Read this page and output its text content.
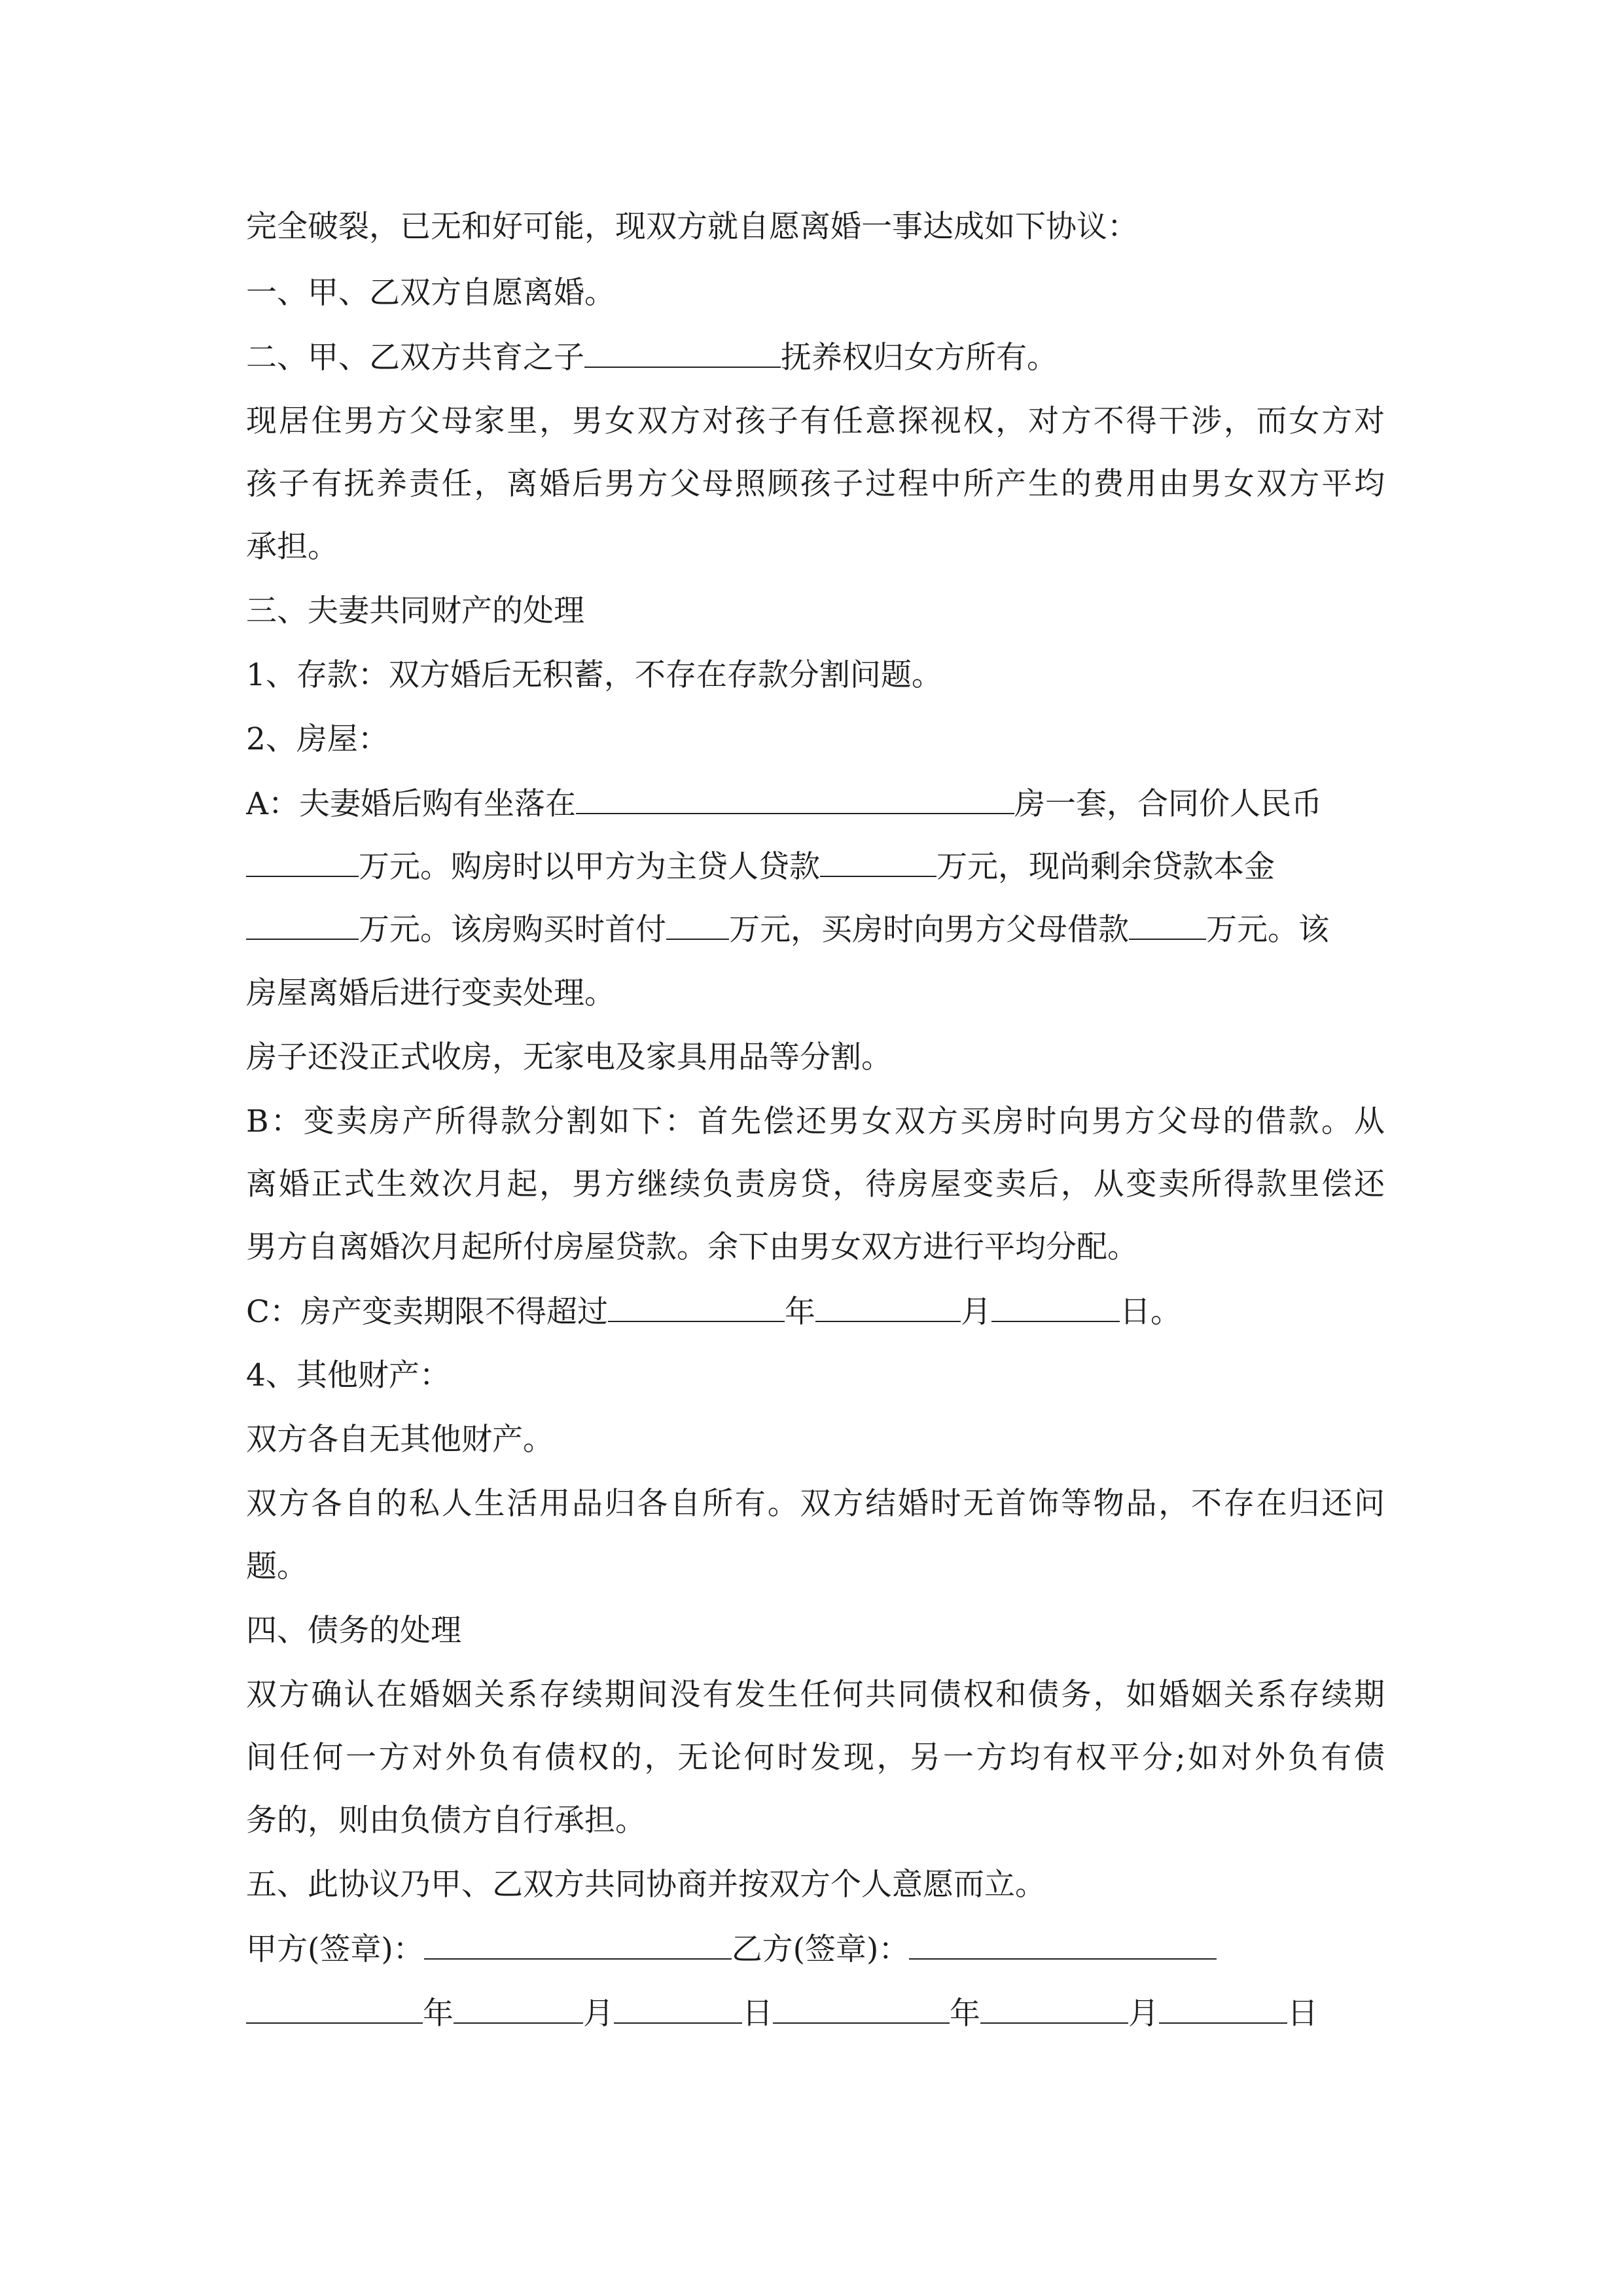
完全破裂，已无和好可能，现双方就自愿离婚一事达成如下协议：
一、甲、乙双方自愿离婚。
二、甲、乙双方共育之子	抚养权归女方所有。
现居住男方父母家里，男女双方对孩子有任意探视权，对方不得干涉，而女方对
孩子有抚养责任，离婚后男方父母照顾孩子过程中所产生的费用由男女双方平均
承担。
三、夫妻共同财产的处理
1、存款：双方婚后无积蓄，不存在存款分割问题。
2、房屋：
A：夫妻婚后购有坐落在	房一套，合同价人民币
万元。购房时以甲方为主贷人贷款	万元，现尚剩余贷款本金
万元。该房购买时首付 万元，买房时向男方父母借款	万元。该
房屋离婚后进行变卖处理。
房子还没正式收房，无家电及家具用品等分割。
B：变卖房产所得款分割如下：首先偿还男女双方买房时向男方父母的借款。从
离婚正式生效次月起，男方继续负责房贷，待房屋变卖后，从变卖所得款里偿还
男方自离婚次月起所付房屋贷款。余下由男女双方进行平均分配。
C：房产变卖期限不得超过	年	月	日。
4、其他财产：
双方各自无其他财产。
双方各自的私人生活用品归各自所有。双方结婚时无首饰等物品，不存在归还问
题。
四、债务的处理
双方确认在婚姻关系存续期间没有发生任何共同债权和债务，如婚姻关系存续期
间任何一方对外负有债权的，无论何时发现，另一方均有权平分;如对外负有债
务的，则由负债方自行承担。
五、此协议乃甲、乙双方共同协商并按双方个人意愿而立。
甲方(签章)：	乙方(签章)：
年	月	日	年	月	日
